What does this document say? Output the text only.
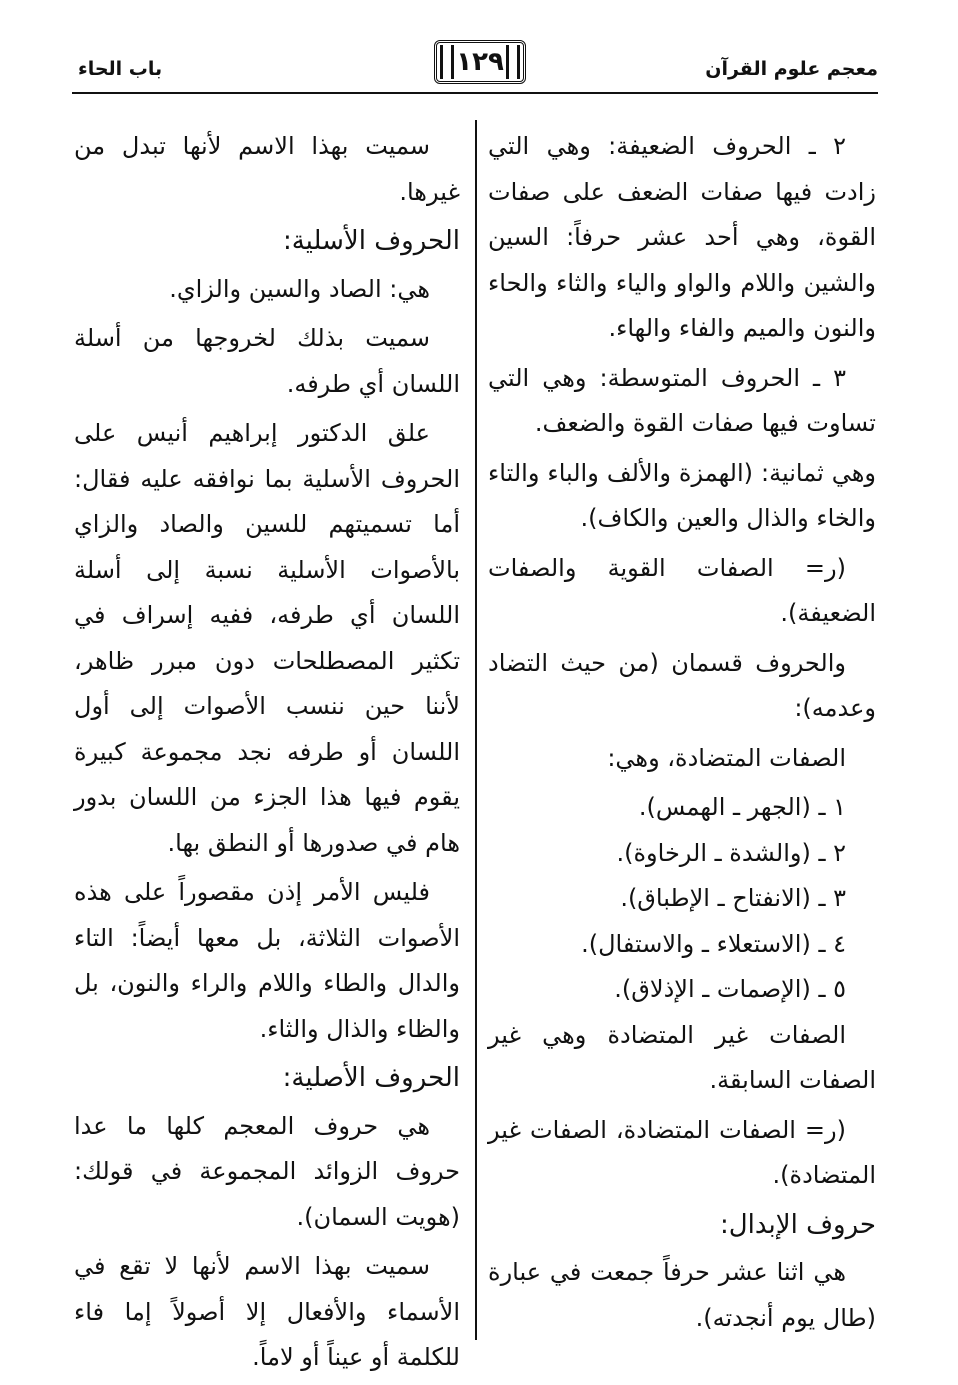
معجم علوم القرآن
١٢٩
باب الحاء

٢ ـ الحروف الضعيفة: وهي التي زادت فيها صفات الضعف على صفات القوة، وهي أحد عشر حرفاً: السين والشين واللام والواو والياء والثاء والحاء والنون والميم والفاء والهاء.

٣ ـ الحروف المتوسطة: وهي التي تساوت فيها صفات القوة والضعف.

وهي ثمانية: (الهمزة والألف والباء والتاء والخاء والذال والعين والكاف).

(ر= الصفات القوية والصفات الضعيفة).

والحروف قسمان (من حيث التضاد وعدمه):

الصفات المتضادة، وهي:

١ ـ (الجهر ـ الهمس).

٢ ـ (والشدة ـ الرخاوة).

٣ ـ (الانفتاح ـ الإطباق).

٤ ـ (الاستعلاء ـ والاستفال).

٥ ـ (الإصمات ـ الإذلاق).

الصفات غير المتضادة وهي غير الصفات السابقة.

(ر= الصفات المتضادة، الصفات غير المتضادة).

حروف الإبدال:

هي اثنا عشر حرفاً جمعت في عبارة (طال يوم أنجدته).

سميت بهذا الاسم لأنها تبدل من غيرها.

الحروف الأسلية:

هي: الصاد والسين والزاي.

سميت بذلك لخروجها من أسلة اللسان أي طرفه.

علق الدكتور إبراهيم أنيس على الحروف الأسلية بما نوافقه عليه فقال: أما تسميتهم للسين والصاد والزاي بالأصوات الأسلية نسبة إلى أسلة اللسان أي طرفه، ففيه إسراف في تكثير المصطلحات دون مبرر ظاهر، لأننا حين ننسب الأصوات إلى أول اللسان أو طرفه نجد مجموعة كبيرة يقوم فيها هذا الجزء من اللسان بدور هام في صدورها أو النطق بها.

فليس الأمر إذن مقصوراً على هذه الأصوات الثلاثة، بل معها أيضاً: التاء والدال والطاء واللام والراء والنون، بل والظاء والذال والثاء.

الحروف الأصلية:

هي حروف المعجم كلها ما عدا حروف الزوائد المجموعة في قولك: (هويت السمان).

سميت بهذا الاسم لأنها لا تقع في الأسماء والأفعال إلا أصولاً إما فاء للكلمة أو عيناً أو لاماً.
